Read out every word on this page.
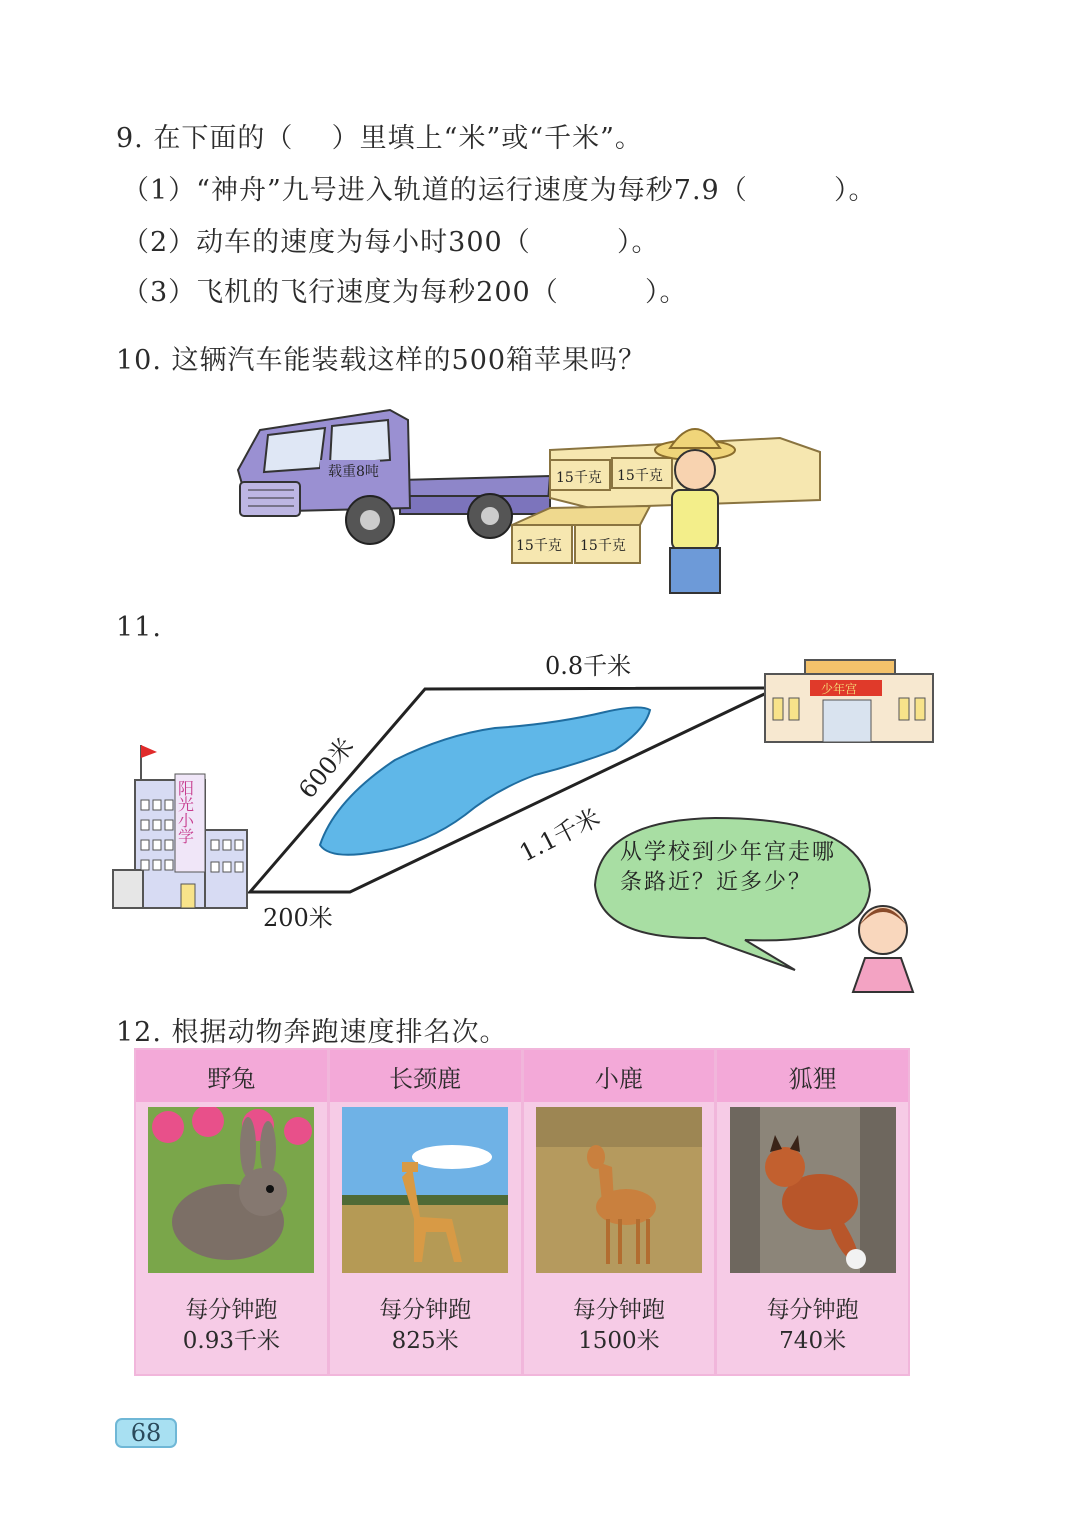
9. 在下面的（    ）里填上“米”或“千米”。
（1）“神舟”九号进入轨道的运行速度为每秒7.9（         ）。
（2）动车的速度为每小时300（         ）。
（3）飞机的飞行速度为每秒200（         ）。
10. 这辆汽车能装载这样的500箱苹果吗？
载重8吨	15千克 15千克
15千克 15千克
11.
阳光小学
少年宫
0.8千米
600米
1.1千米
200米
从学校到少年宫走哪条路近？近多少？
12. 根据动物奔跑速度排名次。
野兔
每分钟跑
0.93千米
长颈鹿
每分钟跑
825米
小鹿
每分钟跑
1500米
狐狸
每分钟跑
740米
68
